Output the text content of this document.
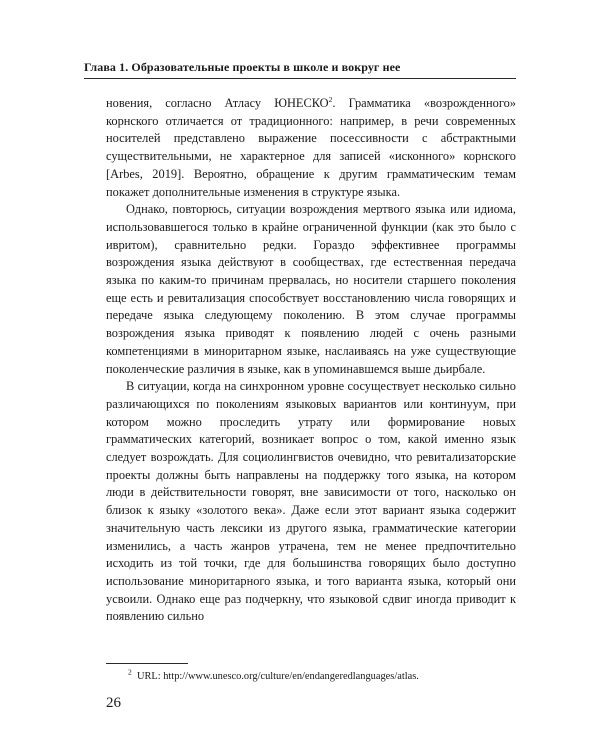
Глава 1. Образовательные проекты в школе и вокруг нее

новения, согласно Атласу ЮНЕСКО$^2$. Грамматика «возрожденного» корнского отличается от традиционного: например, в речи современных носителей представлено выражение посессивности с абстрактными существительными, не характерное для записей «исконного» корнского [Arbes, 2019]. Вероятно, обращение к другим грамматическим темам покажет дополнительные изменения в структуре языка.

Однако, повторюсь, ситуации возрождения мертвого языка или идиома, использовавшегося только в крайне ограниченной функции (как это было с ивритом), сравнительно редки. Гораздо эффективнее программы возрождения языка действуют в сообществах, где естественная передача языка по каким-то причинам прервалась, но носители старшего поколения еще есть и ревитализация способствует восстановлению числа говорящих и передаче языка следующему поколению. В этом случае программы возрождения языка приводят к появлению людей с очень разными компетенциями в миноритарном языке, наслаиваясь на уже существующие поколенческие различия в языке, как в упоминавшемся выше дьирбале.

В ситуации, когда на синхронном уровне сосуществует несколько сильно различающихся по поколениям языковых вариантов или континуум, при котором можно проследить утрату или формирование новых грамматических категорий, возникает вопрос о том, какой именно язык следует возрождать. Для социолингвистов очевидно, что ревитализаторские проекты должны быть направлены на поддержку того языка, на котором люди в действительности говорят, вне зависимости от того, насколько он близок к языку «золотого века». Даже если этот вариант языка содержит значительную часть лексики из другого языка, грамматические категории изменились, а часть жанров утрачена, тем не менее предпочтительно исходить из той точки, где для большинства говорящих было доступно использование миноритарного языка, и того варианта языка, который они усвоили. Однако еще раз подчеркну, что языковой сдвиг иногда приводит к появлению сильно

$^2$ URL: http://www.unesco.org/culture/en/endangeredlanguages/atlas.
26
